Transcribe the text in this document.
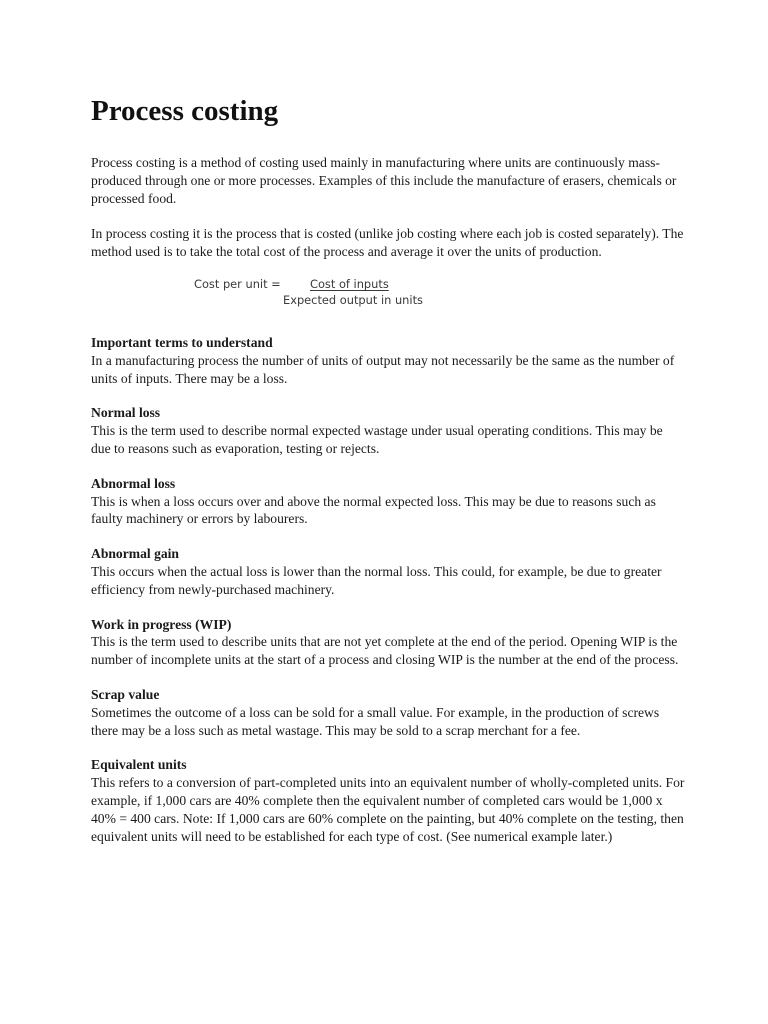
Process costing

Process costing is a method of costing used mainly in manufacturing where units are continuously mass-produced through one or more processes. Examples of this include the manufacture of erasers, chemicals or processed food.

In process costing it is the process that is costed (unlike job costing where each job is costed separately). The method used is to take the total cost of the process and average it over the units of production.

Cost per unit =	Cost of inputs
Expected output in units

Important terms to understand

In a manufacturing process the number of units of output may not necessarily be the same as the number of units of inputs. There may be a loss.

Normal loss

This is the term used to describe normal expected wastage under usual operating conditions. This may be due to reasons such as evaporation, testing or rejects.

Abnormal loss

This is when a loss occurs over and above the normal expected loss. This may be due to reasons such as faulty machinery or errors by labourers.

Abnormal gain

This occurs when the actual loss is lower than the normal loss. This could, for example, be due to greater efficiency from newly-purchased machinery.

Work in progress (WIP)

This is the term used to describe units that are not yet complete at the end of the period. Opening WIP is the number of incomplete units at the start of a process and closing WIP is the number at the end of the process.

Scrap value

Sometimes the outcome of a loss can be sold for a small value. For example, in the production of screws there may be a loss such as metal wastage. This may be sold to a scrap merchant for a fee.

Equivalent units

This refers to a conversion of part-completed units into an equivalent number of wholly-completed units. For example, if 1,000 cars are 40% complete then the equivalent number of completed cars would be 1,000 x 40% = 400 cars. Note: If 1,000 cars are 60% complete on the painting, but 40% complete on the testing, then equivalent units will need to be established for each type of cost. (See numerical example later.)
